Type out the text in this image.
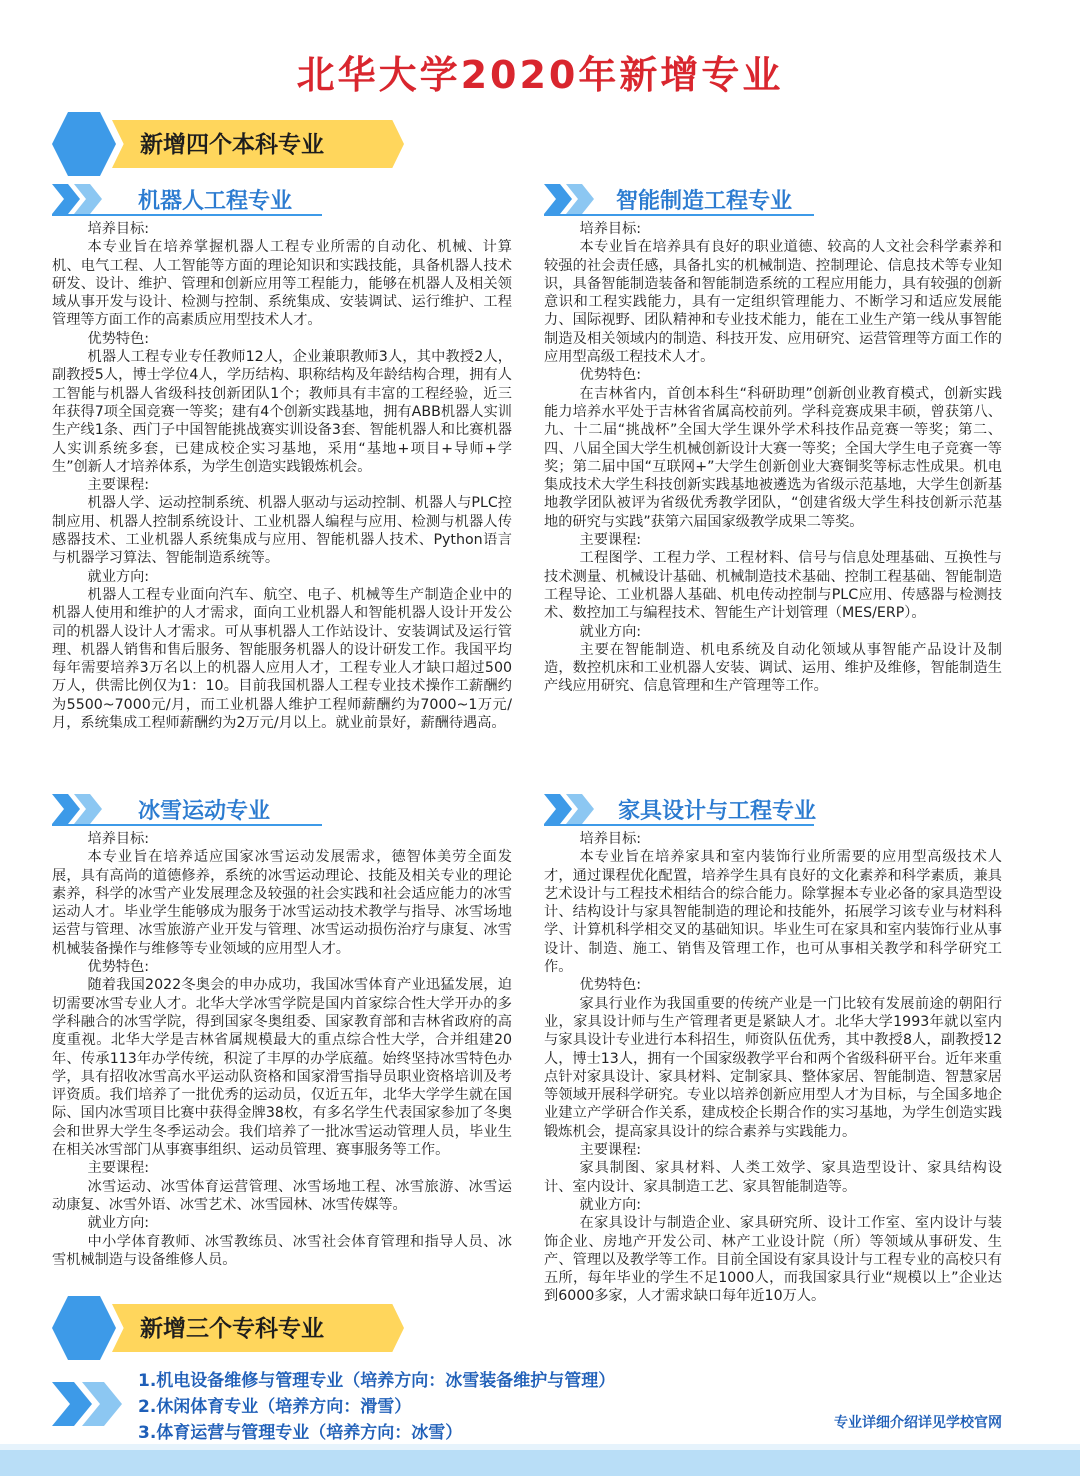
北华大学2020年新增专业
新增四个本科专业
机器人工程专业

培养目标:

本专业旨在培养掌握机器人工程专业所需的自动化、机械、计算机、电气工程、人工智能等方面的理论知识和实践技能，具备机器人技术研发、设计、维护、管理和创新应用等工程能力，能够在机器人及相关领域从事开发与设计、检测与控制、系统集成、安装调试、运行维护、工程管理等方面工作的高素质应用型技术人才。

优势特色:

机器人工程专业专任教师12人，企业兼职教师3人，其中教授2人，副教授5人，博士学位4人，学历结构、职称结构及年龄结构合理，拥有人工智能与机器人省级科技创新团队1个；教师具有丰富的工程经验，近三年获得7项全国竞赛一等奖；建有4个创新实践基地，拥有ABB机器人实训生产线1条、西门子中国智能挑战赛实训设备3套、智能机器人和比赛机器人实训系统多套，已建成校企实习基地，采用“基地+项目+导师+学生”创新人才培养体系，为学生创造实践锻炼机会。

主要课程:

机器人学、运动控制系统、机器人驱动与运动控制、机器人与PLC控制应用、机器人控制系统设计、工业机器人编程与应用、检测与机器人传感器技术、工业机器人系统集成与应用、智能机器人技术、Python语言与机器学习算法、智能制造系统等。

就业方向:

机器人工程专业面向汽车、航空、电子、机械等生产制造企业中的机器人使用和维护的人才需求，面向工业机器人和智能机器人设计开发公司的机器人设计人才需求。可从事机器人工作站设计、安装调试及运行管理、机器人销售和售后服务、智能服务机器人的设计研发工作。我国平均每年需要培养3万名以上的机器人应用人才，工程专业人才缺口超过500万人，供需比例仅为1：10。目前我国机器人工程专业技术操作工薪酬约为5500~7000元/月，而工业机器人维护工程师薪酬约为7000~1万元/月，系统集成工程师薪酬约为2万元/月以上。就业前景好，薪酬待遇高。

智能制造工程专业

培养目标:

本专业旨在培养具有良好的职业道德、较高的人文社会科学素养和较强的社会责任感，具备扎实的机械制造、控制理论、信息技术等专业知识，具备智能制造装备和智能制造系统的工程应用能力，具有较强的创新意识和工程实践能力，具有一定组织管理能力、不断学习和适应发展能力、国际视野、团队精神和专业技术能力，能在工业生产第一线从事智能制造及相关领域内的制造、科技开发、应用研究、运营管理等方面工作的应用型高级工程技术人才。

优势特色:

在吉林省内，首创本科生“科研助理”创新创业教育模式，创新实践能力培养水平处于吉林省省属高校前列。学科竞赛成果丰硕，曾获第八、九、十二届“挑战杯”全国大学生课外学术科技作品竞赛一等奖；第二、四、八届全国大学生机械创新设计大赛一等奖；全国大学生电子竞赛一等奖；第二届中国“互联网+”大学生创新创业大赛铜奖等标志性成果。机电集成技术大学生科技创新实践基地被遴选为省级示范基地，大学生创新基地教学团队被评为省级优秀教学团队，“创建省级大学生科技创新示范基地的研究与实践”获第六届国家级教学成果二等奖。

主要课程:

工程图学、工程力学、工程材料、信号与信息处理基础、互换性与技术测量、机械设计基础、机械制造技术基础、控制工程基础、智能制造工程导论、工业机器人基础、机电传动控制与PLC应用、传感器与检测技术、数控加工与编程技术、智能生产计划管理（MES/ERP）。

就业方向:

主要在智能制造、机电系统及自动化领域从事智能产品设计及制造，数控机床和工业机器人安装、调试、运用、维护及维修，智能制造生产线应用研究、信息管理和生产管理等工作。

冰雪运动专业

培养目标:

本专业旨在培养适应国家冰雪运动发展需求，德智体美劳全面发展，具有高尚的道德修养，系统的冰雪运动理论、技能及相关专业的理论素养，科学的冰雪产业发展理念及较强的社会实践和社会适应能力的冰雪运动人才。毕业学生能够成为服务于冰雪运动技术教学与指导、冰雪场地运营与管理、冰雪旅游产业开发与管理、冰雪运动损伤治疗与康复、冰雪机械装备操作与维修等专业领域的应用型人才。

优势特色:

随着我国2022冬奥会的申办成功，我国冰雪体育产业迅猛发展，迫切需要冰雪专业人才。北华大学冰雪学院是国内首家综合性大学开办的多学科融合的冰雪学院，得到国家冬奥组委、国家教育部和吉林省政府的高度重视。北华大学是吉林省属规模最大的重点综合性大学，合并组建20年、传承113年办学传统，积淀了丰厚的办学底蕴。始终坚持冰雪特色办学，具有招收冰雪高水平运动队资格和国家滑雪指导员职业资格培训及考评资质。我们培养了一批优秀的运动员，仅近五年，北华大学学生就在国际、国内冰雪项目比赛中获得金牌38枚，有多名学生代表国家参加了冬奥会和世界大学生冬季运动会。我们培养了一批冰雪运动管理人员，毕业生在相关冰雪部门从事赛事组织、运动员管理、赛事服务等工作。

主要课程:

冰雪运动、冰雪体育运营管理、冰雪场地工程、冰雪旅游、冰雪运动康复、冰雪外语、冰雪艺术、冰雪园林、冰雪传媒等。

就业方向:

中小学体育教师、冰雪教练员、冰雪社会体育管理和指导人员、冰雪机械制造与设备维修人员。

家具设计与工程专业

培养目标:

本专业旨在培养家具和室内装饰行业所需要的应用型高级技术人才，通过课程优化配置，培养学生具有良好的文化素养和科学素质，兼具艺术设计与工程技术相结合的综合能力。除掌握本专业必备的家具造型设计、结构设计与家具智能制造的理论和技能外，拓展学习该专业与材料科学、计算机科学相交叉的基础知识。毕业生可在家具和室内装饰行业从事设计、制造、施工、销售及管理工作，也可从事相关教学和科学研究工作。

优势特色:

家具行业作为我国重要的传统产业是一门比较有发展前途的朝阳行业，家具设计师与生产管理者更是紧缺人才。北华大学1993年就以室内与家具设计专业进行本科招生，师资队伍优秀，其中教授8人，副教授12人，博士13人，拥有一个国家级教学平台和两个省级科研平台。近年来重点针对家具设计、家具材料、定制家具、整体家居、智能制造、智慧家居等领域开展科学研究。专业以培养创新应用型人才为目标，与全国多地企业建立产学研合作关系，建成校企长期合作的实习基地，为学生创造实践锻炼机会，提高家具设计的综合素养与实践能力。

主要课程:

家具制图、家具材料、人类工效学、家具造型设计、家具结构设计、室内设计、家具制造工艺、家具智能制造等。

就业方向:

在家具设计与制造企业、家具研究所、设计工作室、室内设计与装饰企业、房地产开发公司、林产工业设计院（所）等领域从事研发、生产、管理以及教学等工作。目前全国设有家具设计与工程专业的高校只有五所，每年毕业的学生不足1000人，而我国家具行业“规模以上”企业达到6000多家，人才需求缺口每年近10万人。

新增三个专科专业
1.机电设备维修与管理专业（培养方向：冰雪装备维护与管理）
2.休闲体育专业（培养方向：滑雪）
3.体育运营与管理专业（培养方向：冰雪）	专业详细介绍详见学校官网
